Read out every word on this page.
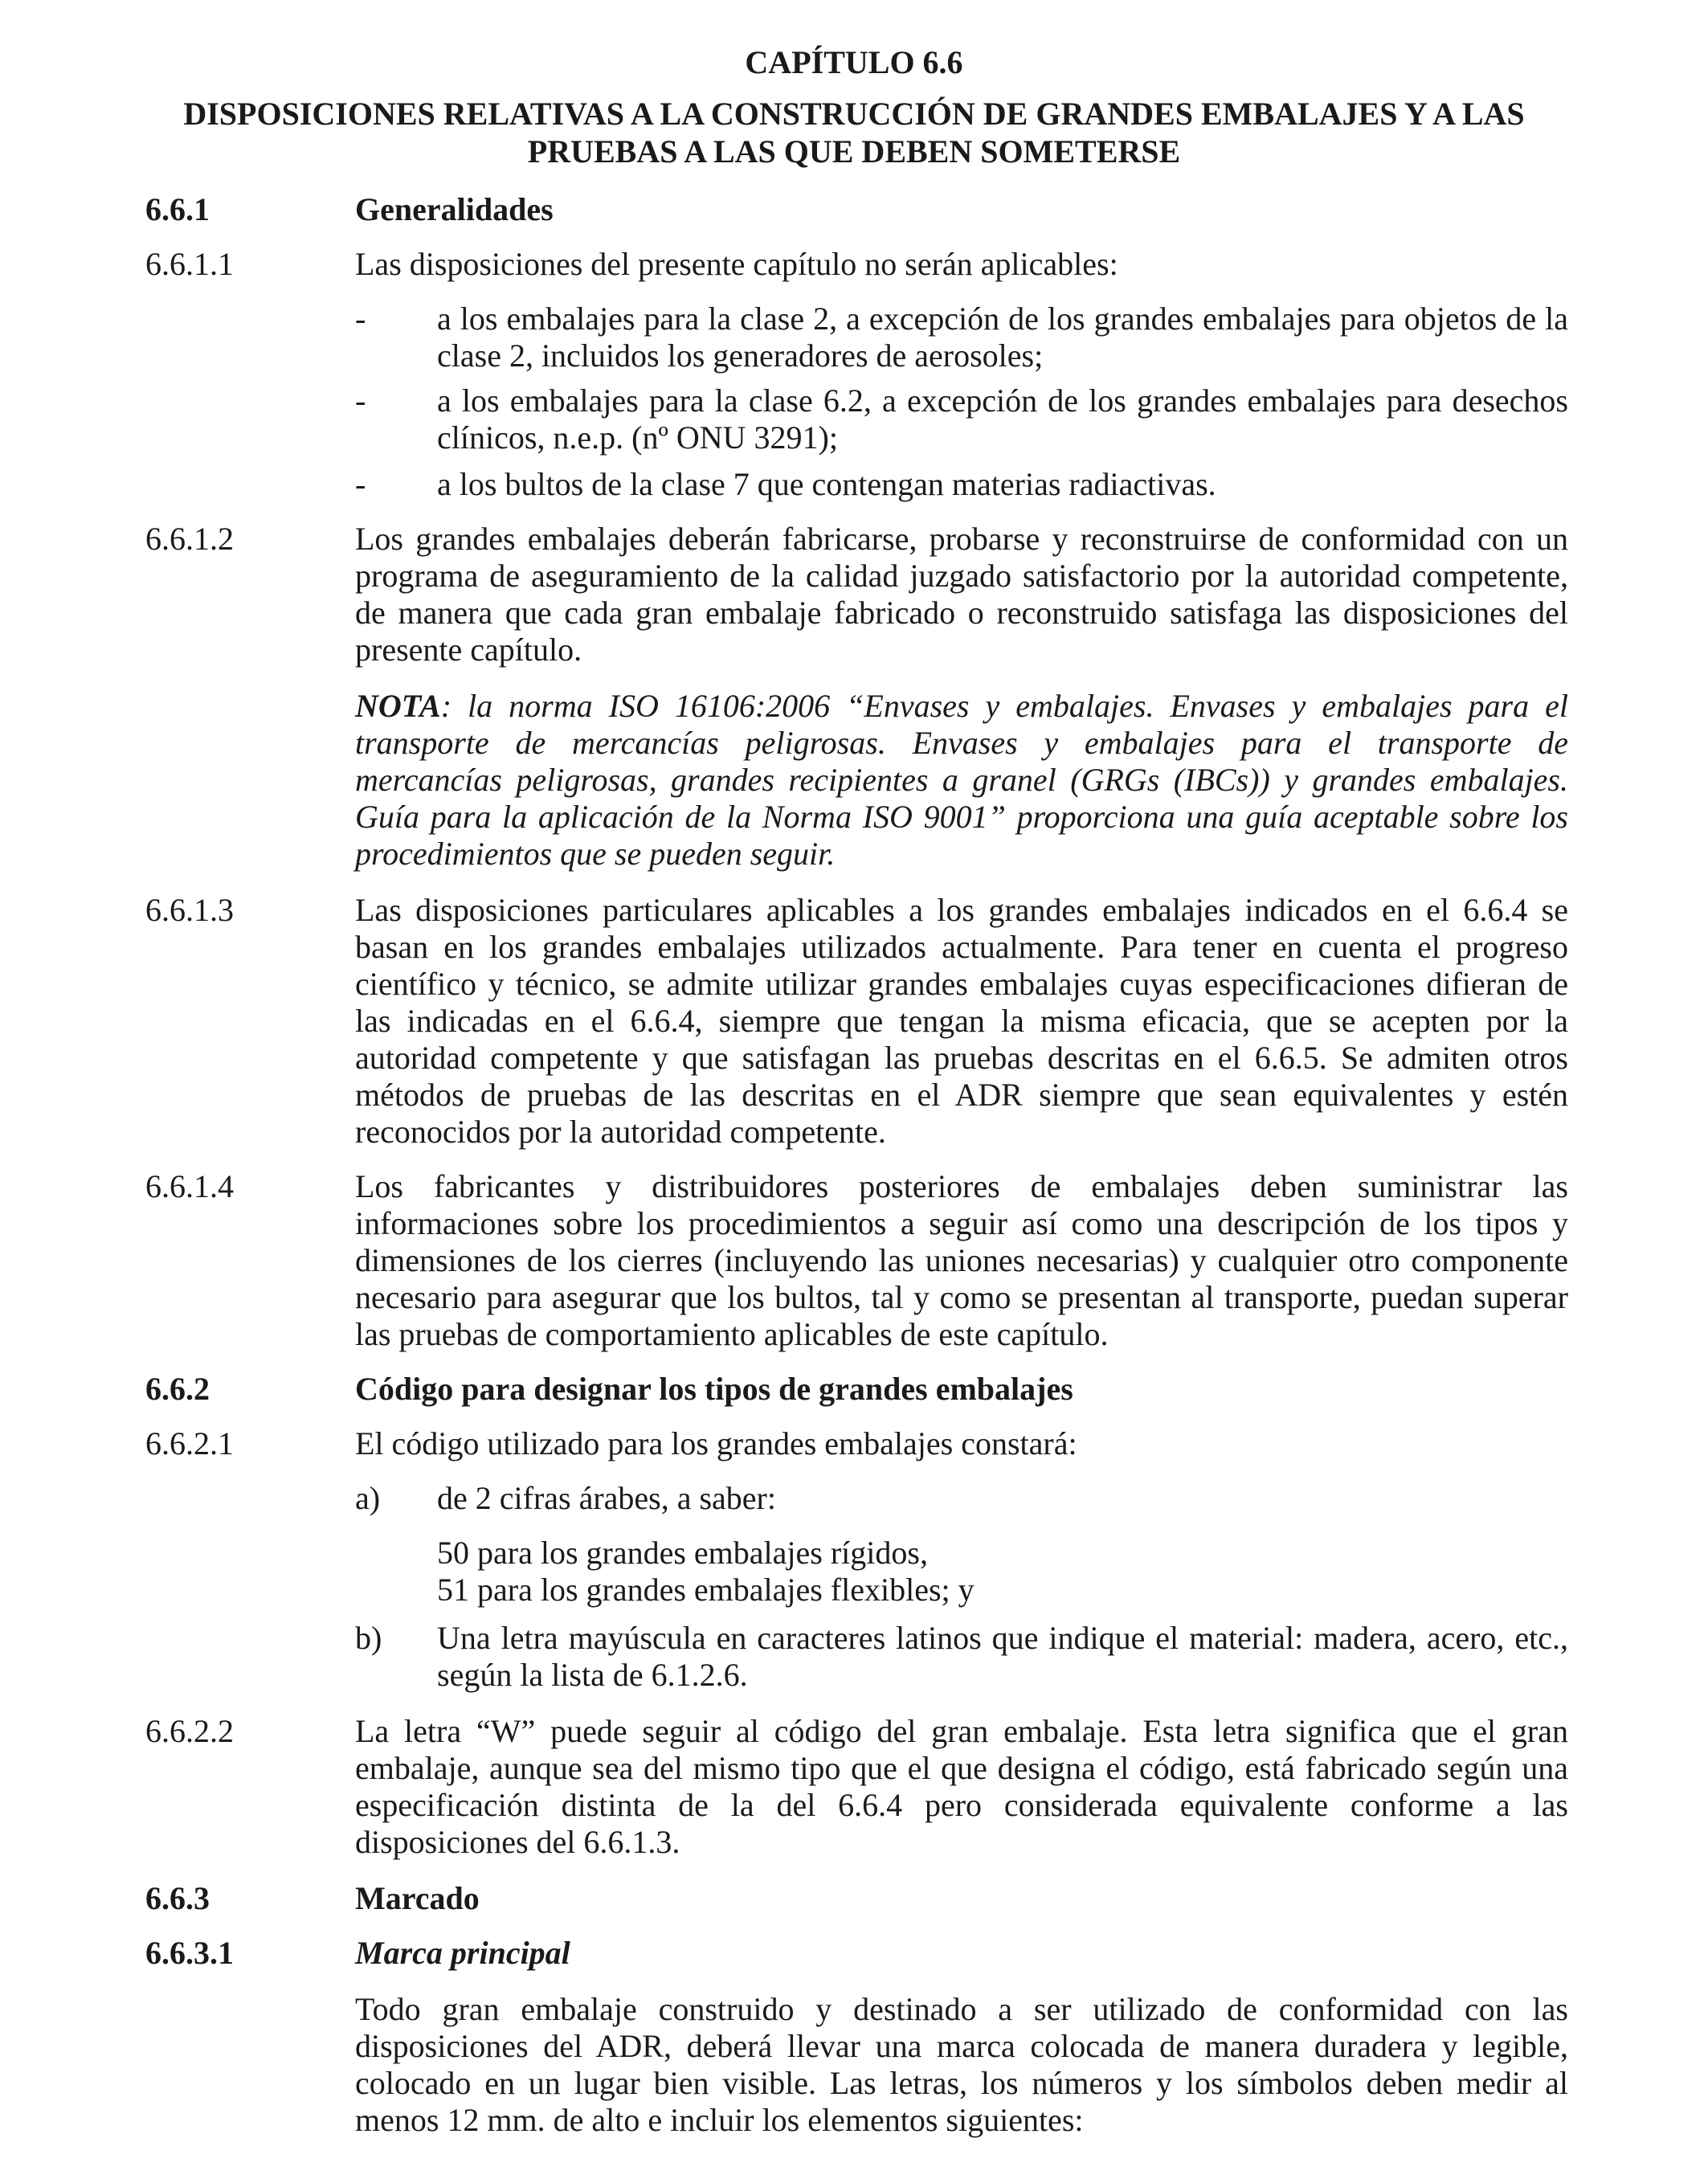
CAPÍTULO 6.6
DISPOSICIONES RELATIVAS A LA CONSTRUCCIÓN DE GRANDES EMBALAJES Y A LAS
PRUEBAS A LAS QUE DEBEN SOMETERSE
6.6.1	Generalidades
6.6.1.1	Las disposiciones del presente capítulo no serán aplicables:
- a los embalajes para la clase 2, a excepción de los grandes embalajes para objetos de la
clase 2, incluidos los generadores de aerosoles;
- a los embalajes para la clase 6.2, a excepción de los grandes embalajes para desechos
clínicos, n.e.p. (nº ONU 3291);
- a los bultos de la clase 7 que contengan materias radiactivas.
6.6.1.2	Los grandes embalajes deberán fabricarse, probarse y reconstruirse de conformidad con un
programa de aseguramiento de la calidad juzgado satisfactorio por la autoridad competente,
de manera que cada gran embalaje fabricado o reconstruido satisfaga las disposiciones del
presente capítulo.
NOTA: la norma ISO 16106:2006 “Envases y embalajes. Envases y embalajes para el
transporte de mercancías peligrosas. Envases y embalajes para el transporte de
mercancías peligrosas, grandes recipientes a granel (GRGs (IBCs)) y grandes embalajes.
Guía para la aplicación de la Norma ISO 9001” proporciona una guía aceptable sobre los
procedimientos que se pueden seguir.
6.6.1.3	Las disposiciones particulares aplicables a los grandes embalajes indicados en el 6.6.4 se
basan en los grandes embalajes utilizados actualmente. Para tener en cuenta el progreso
científico y técnico, se admite utilizar grandes embalajes cuyas especificaciones difieran de
las indicadas en el 6.6.4, siempre que tengan la misma eficacia, que se acepten por la
autoridad competente y que satisfagan las pruebas descritas en el 6.6.5. Se admiten otros
métodos de pruebas de las descritas en el ADR siempre que sean equivalentes y estén
reconocidos por la autoridad competente.
6.6.1.4	Los fabricantes y distribuidores posteriores de embalajes deben suministrar las
informaciones sobre los procedimientos a seguir así como una descripción de los tipos y
dimensiones de los cierres (incluyendo las uniones necesarias) y cualquier otro componente
necesario para asegurar que los bultos, tal y como se presentan al transporte, puedan superar
las pruebas de comportamiento aplicables de este capítulo.
6.6.2	Código para designar los tipos de grandes embalajes
6.6.2.1	El código utilizado para los grandes embalajes constará:
a) de 2 cifras árabes, a saber:
50 para los grandes embalajes rígidos,
51 para los grandes embalajes flexibles; y
b) Una letra mayúscula en caracteres latinos que indique el material: madera, acero, etc.,
según la lista de 6.1.2.6.
6.6.2.2	La letra “W” puede seguir al código del gran embalaje. Esta letra significa que el gran
embalaje, aunque sea del mismo tipo que el que designa el código, está fabricado según una
especificación distinta de la del 6.6.4 pero considerada equivalente conforme a las
disposiciones del 6.6.1.3.
6.6.3	Marcado
6.6.3.1	Marca principal
Todo gran embalaje construido y destinado a ser utilizado de conformidad con las
disposiciones del ADR, deberá llevar una marca colocada de manera duradera y legible,
colocado en un lugar bien visible. Las letras, los números y los símbolos deben medir al
menos 12 mm. de alto e incluir los elementos siguientes:
